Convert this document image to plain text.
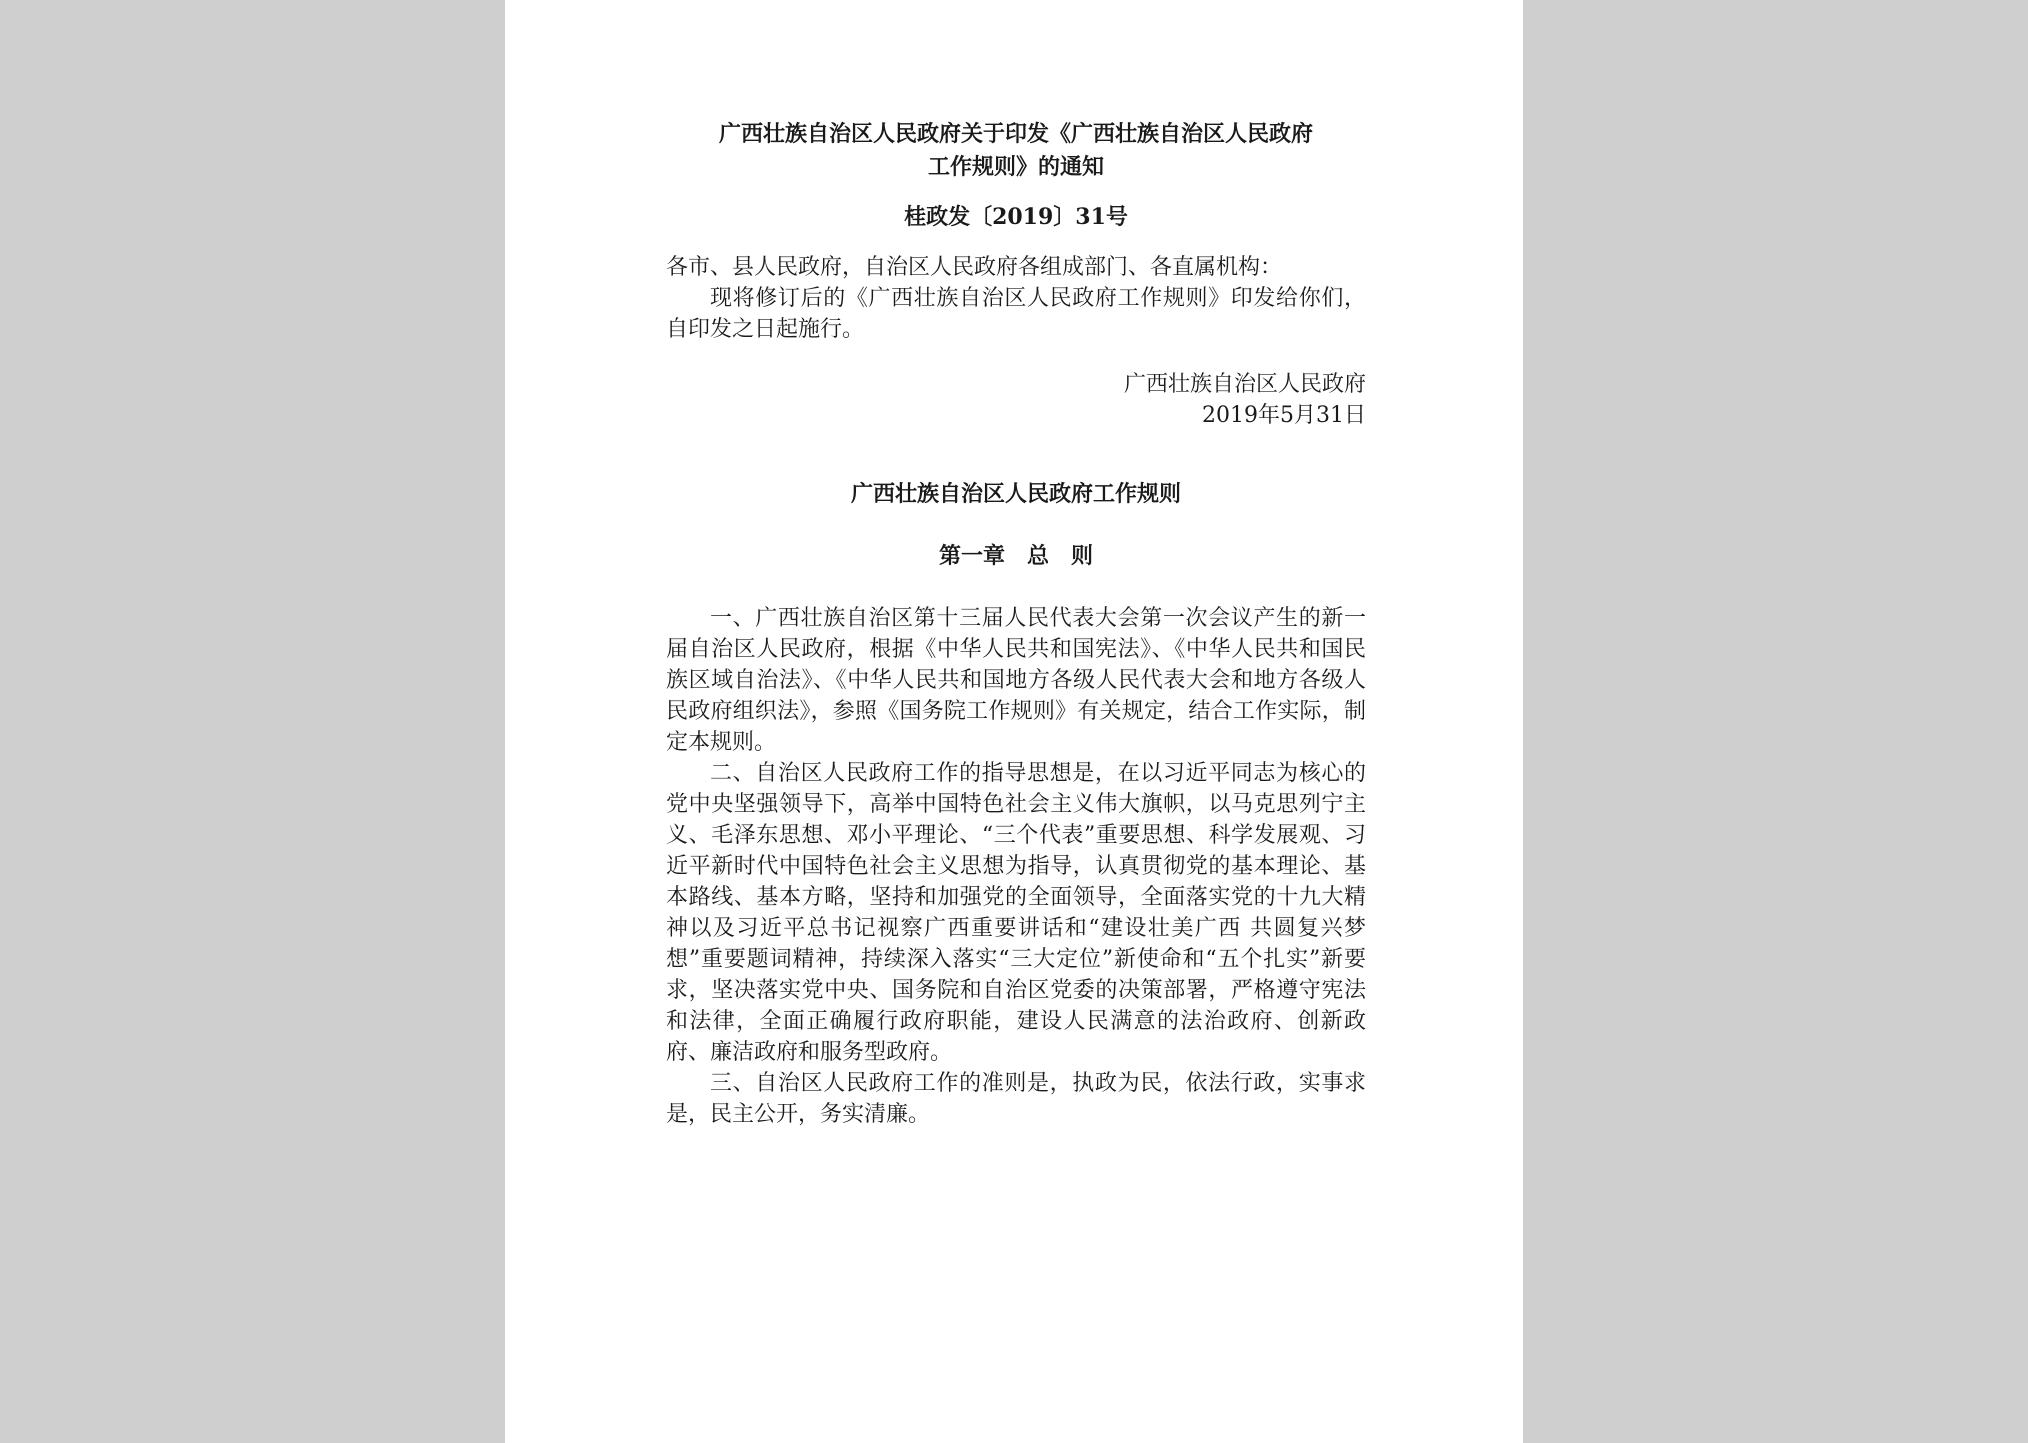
广西壮族自治区人民政府关于印发《广西壮族自治区人民政府

工作规则》的通知

桂政发〔2019〕31号

各市、县人民政府，自治区人民政府各组成部门、各直属机构：

现将修订后的《广西壮族自治区人民政府工作规则》印发给你们，自印发之日起施行。

广西壮族自治区人民政府

2019年5月31日

广西壮族自治区人民政府工作规则

第一章　总　则

一、广西壮族自治区第十三届人民代表大会第一次会议产生的新一届自治区人民政府，根据《中华人民共和国宪法》、《中华人民共和国民族区域自治法》、《中华人民共和国地方各级人民代表大会和地方各级人民政府组织法》，参照《国务院工作规则》有关规定，结合工作实际，制定本规则。

二、自治区人民政府工作的指导思想是，在以习近平同志为核心的党中央坚强领导下，高举中国特色社会主义伟大旗帜，以马克思列宁主义、毛泽东思想、邓小平理论、“三个代表”重要思想、科学发展观、习近平新时代中国特色社会主义思想为指导，认真贯彻党的基本理论、基本路线、基本方略，坚持和加强党的全面领导，全面落实党的十九大精神以及习近平总书记视察广西重要讲话和“建设壮美广西 共圆复兴梦想”重要题词精神，持续深入落实“三大定位”新使命和“五个扎实”新要求，坚决落实党中央、国务院和自治区党委的决策部署，严格遵守宪法和法律，全面正确履行政府职能，建设人民满意的法治政府、创新政府、廉洁政府和服务型政府。

三、自治区人民政府工作的准则是，执政为民，依法行政，实事求是，民主公开，务实清廉。
